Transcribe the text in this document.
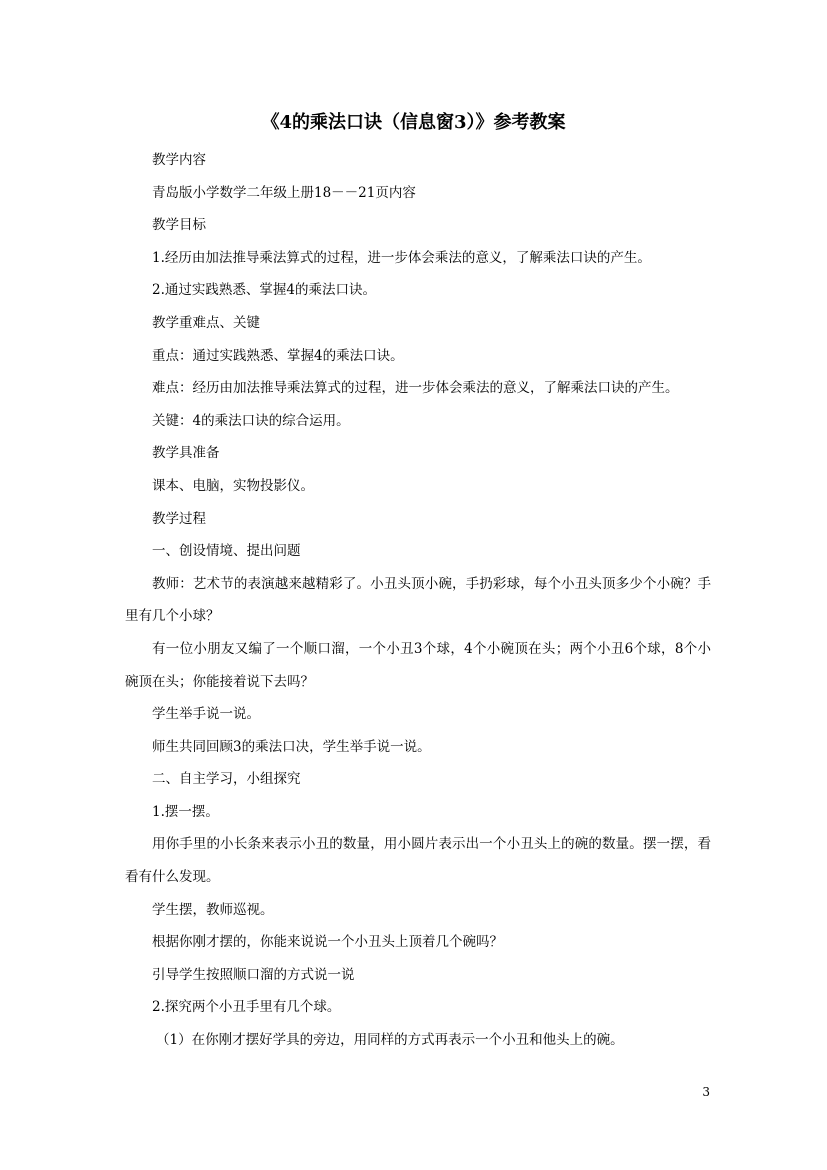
《4的乘法口诀（信息窗3）》参考教案

教学内容

青岛版小学数学二年级上册18－－21页内容

教学目标

1.经历由加法推导乘法算式的过程，进一步体会乘法的意义，了解乘法口诀的产生。

2.通过实践熟悉、掌握4的乘法口诀。

教学重难点、关键

重点：通过实践熟悉、掌握4的乘法口诀。

难点：经历由加法推导乘法算式的过程，进一步体会乘法的意义，了解乘法口诀的产生。

关键：4的乘法口诀的综合运用。

教学具准备

课本、电脑，实物投影仪。

教学过程

一、创设情境、提出问题

教师：艺术节的表演越来越精彩了。小丑头顶小碗，手扔彩球，每个小丑头顶多少个小碗？手里有几个小球？

有一位小朋友又编了一个顺口溜，一个小丑3个球，4个小碗顶在头；两个小丑6个球，8个小碗顶在头；你能接着说下去吗？

学生举手说一说。

师生共同回顾3的乘法口决，学生举手说一说。

二、自主学习，小组探究

1.摆一摆。

用你手里的小长条来表示小丑的数量，用小圆片表示出一个小丑头上的碗的数量。摆一摆，看看有什么发现。

学生摆，教师巡视。

根据你刚才摆的，你能来说说一个小丑头上顶着几个碗吗？

引导学生按照顺口溜的方式说一说

2.探究两个小丑手里有几个球。

（1）在你刚才摆好学具的旁边，用同样的方式再表示一个小丑和他头上的碗。

3
